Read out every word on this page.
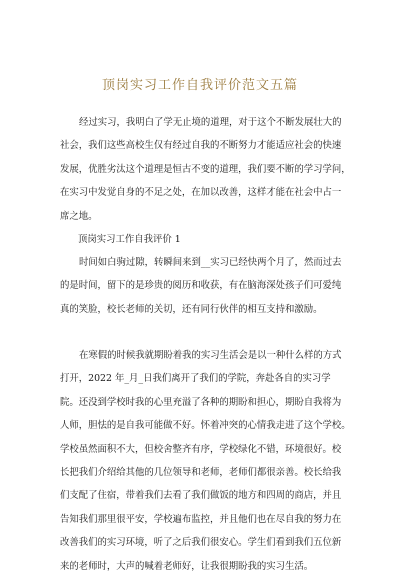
顶岗实习工作自我评价范文五篇
经过实习，我明白了学无止境的道理，对于这个不断发展壮大的
社会，我们这些高校生仅有经过自我的不断努力才能适应社会的快速
发展，优胜劣汰这个道理是恒古不变的道理，我们要不断的学习学问，
在实习中发觉自身的不足之处，在加以改善，这样才能在社会中占一
席之地。
顶岗实习工作自我评价 1
时间如白驹过隙，转瞬间来到__实习已经快两个月了，然而过去
的是时间，留下的是珍贵的阅历和收获，有在脑海深处孩子们可爱纯
真的笑脸，校长老师的关切，还有同行伙伴的相互支持和激励。
在寒假的时候我就期盼着我的实习生活会是以一种什么样的方式
打开，2022 年_月_日我们离开了我们的学院，奔赴各自的实习学
院。还没到学校时我的心里充溢了各种的期盼和担心，期盼自我将为
人师，胆怯的是自我可能做不好。怀着冲突的心情我走进了这个学校。
学校虽然面积不大，但校舍整齐有序，学校绿化不错，环境很好。校
长把我们介绍给其他的几位领导和老师，老师们都很亲善。校长给我
们支配了住宿，带着我们去看了我们做饭的地方和四周的商店，并且
告知我们那里很平安，学校遍布监控，并且他们也在尽自我的努力在
改善我们的实习环境，听了之后我们很安心。学生们看到我们五位新
来的老师时，大声的喊着老师好，让我很期盼我的实习生活。
